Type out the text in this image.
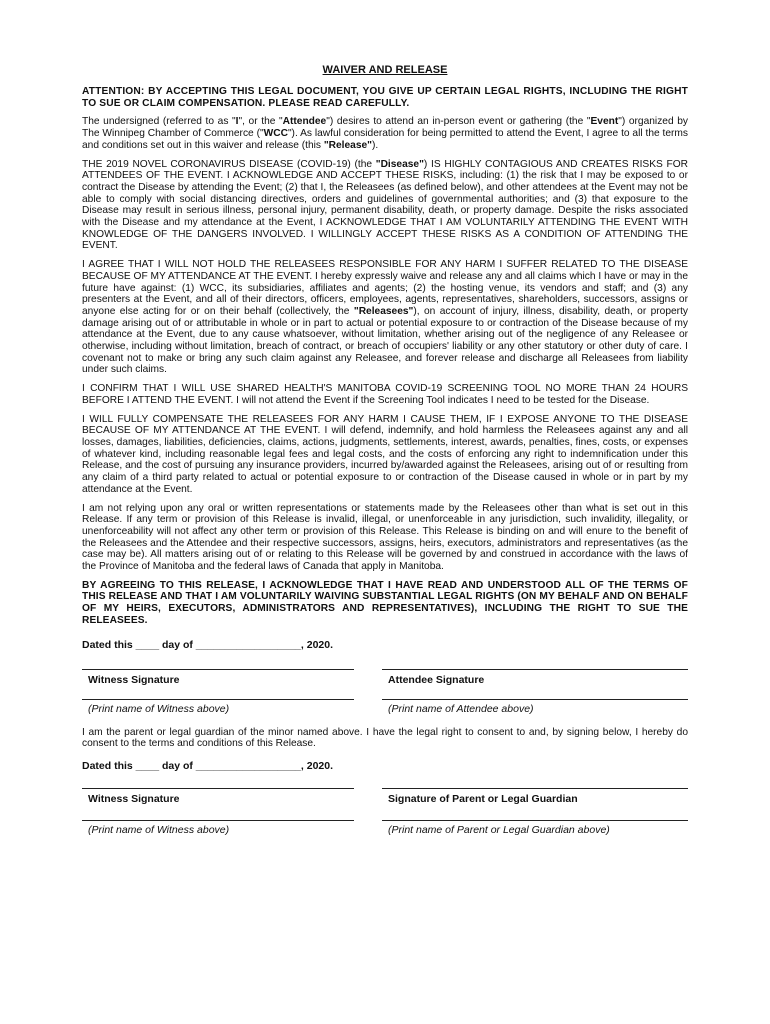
WAIVER AND RELEASE

ATTENTION: BY ACCEPTING THIS LEGAL DOCUMENT, YOU GIVE UP CERTAIN LEGAL RIGHTS, INCLUDING THE RIGHT TO SUE OR CLAIM COMPENSATION. PLEASE READ CAREFULLY.

The undersigned (referred to as "I", or the "Attendee") desires to attend an in-person event or gathering (the "Event") organized by The Winnipeg Chamber of Commerce ("WCC"). As lawful consideration for being permitted to attend the Event, I agree to all the terms and conditions set out in this waiver and release (this "Release").

THE 2019 NOVEL CORONAVIRUS DISEASE (COVID-19) (the "Disease") IS HIGHLY CONTAGIOUS AND CREATES RISKS FOR ATTENDEES OF THE EVENT. I ACKNOWLEDGE AND ACCEPT THESE RISKS, including: (1) the risk that I may be exposed to or contract the Disease by attending the Event; (2) that I, the Releasees (as defined below), and other attendees at the Event may not be able to comply with social distancing directives, orders and guidelines of governmental authorities; and (3) that exposure to the Disease may result in serious illness, personal injury, permanent disability, death, or property damage. Despite the risks associated with the Disease and my attendance at the Event, I ACKNOWLEDGE THAT I AM VOLUNTARILY ATTENDING THE EVENT WITH KNOWLEDGE OF THE DANGERS INVOLVED. I WILLINGLY ACCEPT THESE RISKS AS A CONDITION OF ATTENDING THE EVENT.

I AGREE THAT I WILL NOT HOLD THE RELEASEES RESPONSIBLE FOR ANY HARM I SUFFER RELATED TO THE DISEASE BECAUSE OF MY ATTENDANCE AT THE EVENT. I hereby expressly waive and release any and all claims which I have or may in the future have against: (1) WCC, its subsidiaries, affiliates and agents; (2) the hosting venue, its vendors and staff; and (3) any presenters at the Event, and all of their directors, officers, employees, agents, representatives, shareholders, successors, assigns or anyone else acting for or on their behalf (collectively, the "Releasees"), on account of injury, illness, disability, death, or property damage arising out of or attributable in whole or in part to actual or potential exposure to or contraction of the Disease because of my attendance at the Event, due to any cause whatsoever, without limitation, whether arising out of the negligence of any Releasee or otherwise, including without limitation, breach of contract, or breach of occupiers' liability or any other statutory or other duty of care. I covenant not to make or bring any such claim against any Releasee, and forever release and discharge all Releasees from liability under such claims.

I CONFIRM THAT I WILL USE SHARED HEALTH'S MANITOBA COVID-19 SCREENING TOOL NO MORE THAN 24 HOURS BEFORE I ATTEND THE EVENT. I will not attend the Event if the Screening Tool indicates I need to be tested for the Disease.

I WILL FULLY COMPENSATE THE RELEASEES FOR ANY HARM I CAUSE THEM, IF I EXPOSE ANYONE TO THE DISEASE BECAUSE OF MY ATTENDANCE AT THE EVENT. I will defend, indemnify, and hold harmless the Releasees against any and all losses, damages, liabilities, deficiencies, claims, actions, judgments, settlements, interest, awards, penalties, fines, costs, or expenses of whatever kind, including reasonable legal fees and legal costs, and the costs of enforcing any right to indemnification under this Release, and the cost of pursuing any insurance providers, incurred by/awarded against the Releasees, arising out of or resulting from any claim of a third party related to actual or potential exposure to or contraction of the Disease caused in whole or in part by my attendance at the Event.

I am not relying upon any oral or written representations or statements made by the Releasees other than what is set out in this Release. If any term or provision of this Release is invalid, illegal, or unenforceable in any jurisdiction, such invalidity, illegality, or unenforceability will not affect any other term or provision of this Release. This Release is binding on and will enure to the benefit of the Releasees and the Attendee and their respective successors, assigns, heirs, executors, administrators and representatives (as the case may be). All matters arising out of or relating to this Release will be governed by and construed in accordance with the laws of the Province of Manitoba and the federal laws of Canada that apply in Manitoba.

BY AGREEING TO THIS RELEASE, I ACKNOWLEDGE THAT I HAVE READ AND UNDERSTOOD ALL OF THE TERMS OF THIS RELEASE AND THAT I AM VOLUNTARILY WAIVING SUBSTANTIAL LEGAL RIGHTS (ON MY BEHALF AND ON BEHALF OF MY HEIRS, EXECUTORS, ADMINISTRATORS AND REPRESENTATIVES), INCLUDING THE RIGHT TO SUE THE RELEASEES.

Dated this ____ day of __________________, 2020.
Witness Signature	Attendee Signature
(Print name of Witness above)	(Print name of Attendee above)

I am the parent or legal guardian of the minor named above. I have the legal right to consent to and, by signing below, I hereby do consent to the terms and conditions of this Release.

Dated this ____ day of __________________, 2020.
Witness Signature	Signature of Parent or Legal Guardian
(Print name of Witness above)	(Print name of Parent or Legal Guardian above)
